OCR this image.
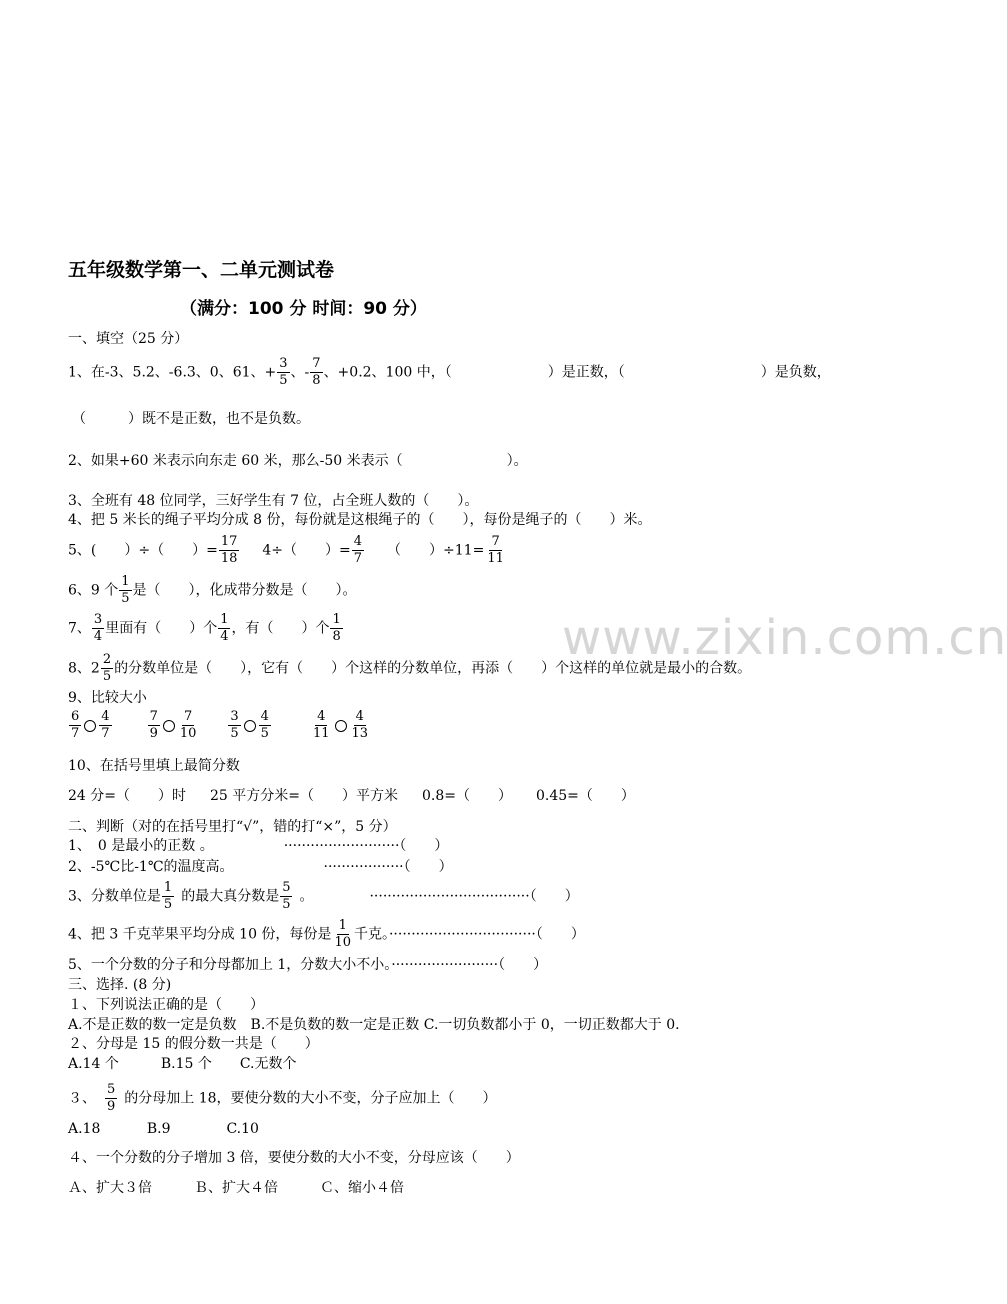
www.zixin.com.cn
五年级数学第一、二单元测试卷
（满分：100 分 时间：90 分）
一、填空（25 分）
1、在-3、5.2、-6.3、0、61、+ $\frac{3}{5}$ 、- $\frac{7}{8}$ 、+0.2、100 中，（	）是正数，（	）是负数，
（	）既不是正数，也不是负数。
2、如果+60 米表示向东走 60 米，那么-50 米表示（	）。
3、全班有 48 位同学，三好学生有 7 位，占全班人数的（　　）。
4、把 5 米长的绳子平均分成 8 份，每份就是这根绳子的（　　），每份是绳子的（　　）米。
5、(　　）÷（　　）= $\frac{17}{18} 4\div$（　　）= $\frac{4}{7}$ （　　）$\div 11= \frac{7}{11}$
6、9 个 $\frac{1}{5}$ 是（　　），化成带分数是（　　）。
7、 $\frac{3}{4}$ 里面有（　　）个 $\frac{1}{4}$ ，有（　　）个 $\frac{1}{8}$
8、$2 \frac{2}{5}$ 的分数单位是（　　），它有（　　）个这样的分数单位，再添（　　）个这样的单位就是最小的合数。
9、比较大小
$\frac{6}{7} \frac{4}{7}$	$\frac{7}{9} \frac{7}{10} \frac{3}{5} \frac{4}{5}$	$\frac{4}{11} \frac{4}{13}$
10、在括号里填上最简分数
24 分=（　　）时 25 平方分米=（　　）平方米 0.8=（　　） 0.45=（　　）
二、判断（对的在括号里打“√”，错的打“×”，5 分）
1、　0 是最小的正数 。	··························（　　）
2、-5℃比-1℃的温度高。	··················（　　）
3、分数单位是 $\frac{1}{5}$ 的最大真分数是 $\frac{5}{5}$ 。	····································（　　）
4、把 3 千克苹果平均分成 10 份，每份是 $\frac{1}{10}$ 千克。·································（　　）
5、一个分数的分子和分母都加上 1，分数大小不小。························（　　）
三、选择. (8 分)
１、下列说法正确的是（　　）
A.不是正数的数一定是负数　B.不是负数的数一定是正数 C.一切负数都小于 0，一切正数都大于 0.
２、分母是 15 的假分数一共是（　　）
A.14 个　　　B.15 个　　C.无数个
３、 $\frac{5}{9}$ 的分母加上 18，要使分数的大小不变，分子应加上（　　）
A.18　　　 B.9　　　　C.10
４、一个分数的分子增加 3 倍，要使分数的大小不变，分母应该（　　）
Ａ、扩大３倍　　　Ｂ、扩大４倍　　　Ｃ、缩小４倍
